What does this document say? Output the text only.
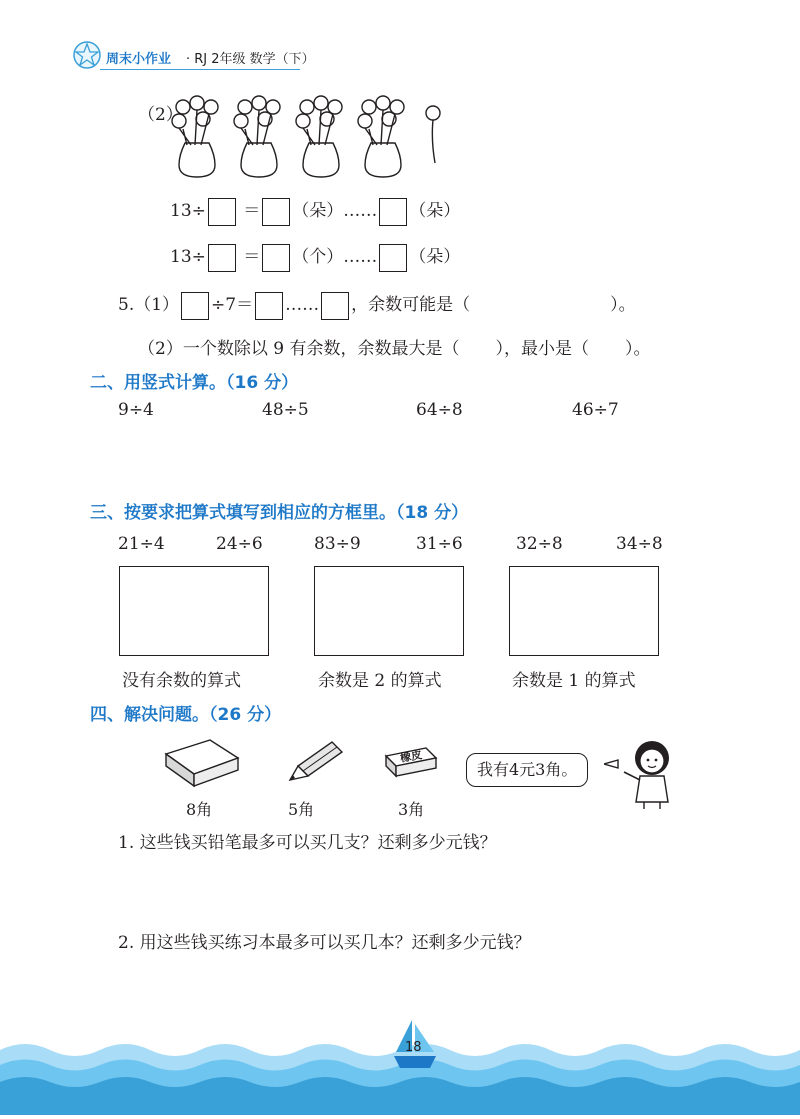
周末小作业 · RJ 2年级 数学（下）
（2）
13÷ ＝ （朵）…… （朵）
13÷ ＝ （个）…… （朵）
5.（1） ÷7＝ …… ，余数可能是（	）。
（2）一个数除以 9 有余数，余数最大是（ ），最小是（ ）。
二、用竖式计算。（16 分）
9÷4	48÷5	64÷8	46÷7
三、按要求把算式填写到相应的方框里。（18 分）
21÷4	24÷6	83÷9	31÷6	32÷8	34÷8
没有余数的算式	余数是 2 的算式	余数是 1 的算式
四、解决问题。（26 分）
橡皮
8角	5角	3角
我有4元3角。
1. 这些钱买铅笔最多可以买几支？还剩多少元钱？
2. 用这些钱买练习本最多可以买几本？还剩多少元钱？
18
